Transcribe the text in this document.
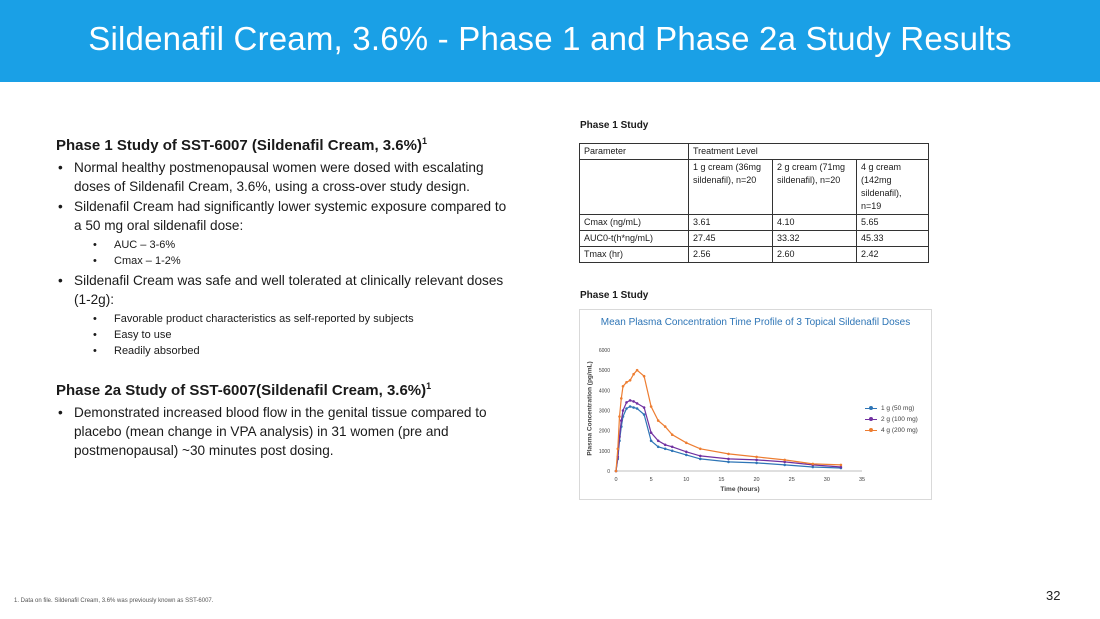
Sildenafil Cream, 3.6% - Phase 1 and Phase 2a Study Results
Phase 1 Study of SST-6007 (Sildenafil Cream, 3.6%)$^1$
• Normal healthy postmenopausal women were dosed with escalating doses of Sildenafil Cream, 3.6%, using a cross-over study design.
• Sildenafil Cream had significantly lower systemic exposure compared to a 50 mg oral sildenafil dose:
• AUC – 3-6%
• Cmax – 1-2%
• Sildenafil Cream was safe and well tolerated at clinically relevant doses (1-2g):
• Favorable product characteristics as self-reported by subjects
• Easy to use
• Readily absorbed
Phase 2a Study of SST-6007(Sildenafil Cream, 3.6%)$^1$
• Demonstrated increased blood flow in the genital tissue compared to placebo (mean change in VPA analysis) in 31 women (pre and postmenopausal) ~30 minutes post dosing.
Phase 1 Study
Parameter	Treatment Level		
	1 g cream (36mg sildenafil), n=20	2 g cream (71mg sildenafil), n=20	4 g cream (142mg sildenafil), n=19
Cmax (ng/mL)	3.61	4.10	5.65
AUC0-t(h*ng/mL)	27.45	33.32	45.33
Tmax (hr)	2.56	2.60	2.42
Phase 1 Study
Mean Plasma Concentration Time Profile of 3 Topical Sildenafil Doses
0	5	10	15	20	25	30	35
0
1000
2000
3000
4000
5000
6000
Plasma Concentration (pg/mL)
Time (hours)
1 g (50 mg)
2 g (100 mg)
4 g (200 mg)
1. Data on file. Sildenafil Cream, 3.6% was previously known as SST-6007.	32
